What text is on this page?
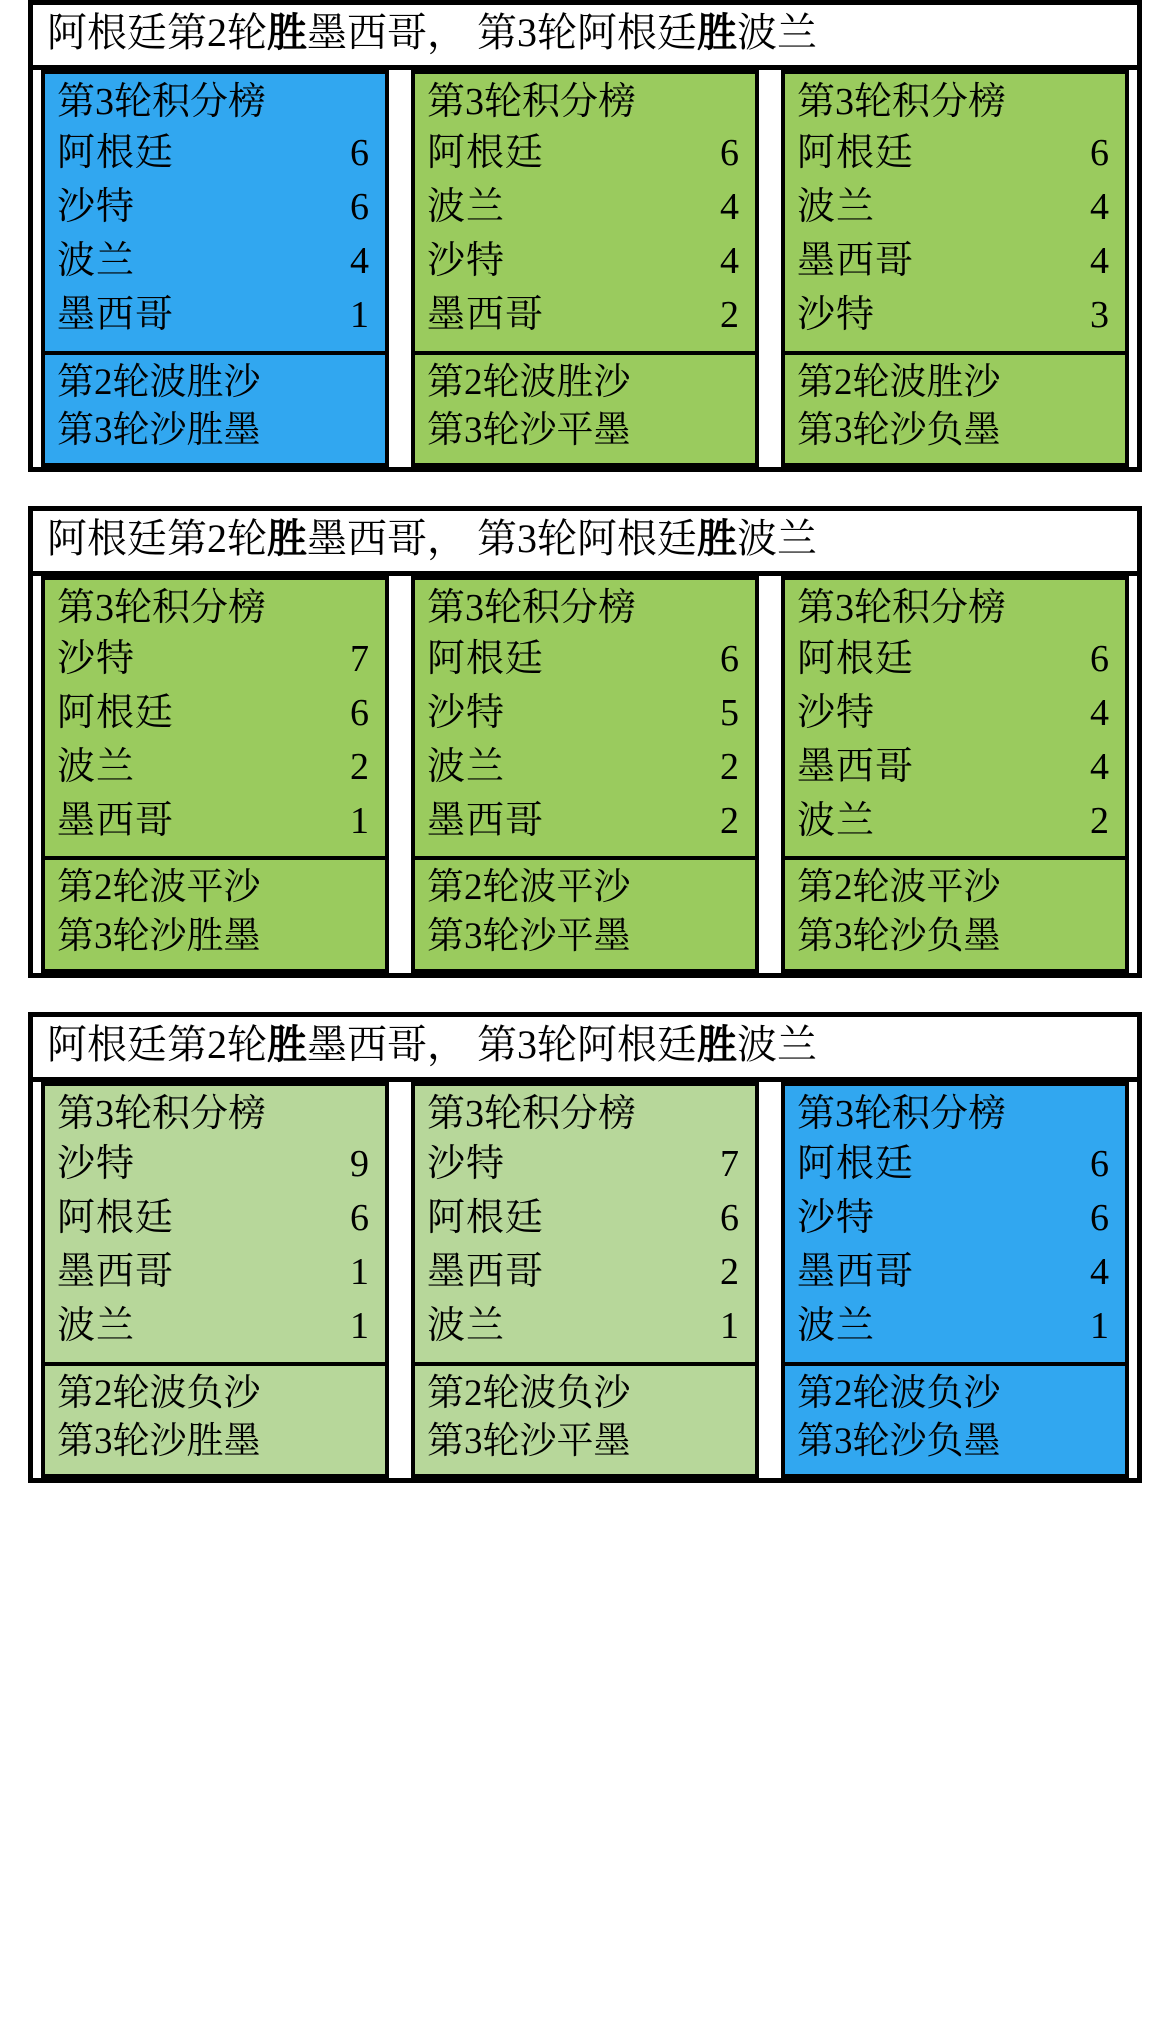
阿根廷第2轮胜墨西哥， 第3轮阿根廷胜波兰
第3轮积分榜
阿根廷	6
沙特	6
波兰	4
墨西哥	1
第2轮波胜沙
第3轮沙胜墨
第3轮积分榜
阿根廷	6
波兰	4
沙特	4
墨西哥	2
第2轮波胜沙
第3轮沙平墨
第3轮积分榜
阿根廷	6
波兰	4
墨西哥	4
沙特	3
第2轮波胜沙
第3轮沙负墨
阿根廷第2轮胜墨西哥， 第3轮阿根廷胜波兰
第3轮积分榜
沙特	7
阿根廷	6
波兰	2
墨西哥	1
第2轮波平沙
第3轮沙胜墨
第3轮积分榜
阿根廷	6
沙特	5
波兰	2
墨西哥	2
第2轮波平沙
第3轮沙平墨
第3轮积分榜
阿根廷	6
沙特	4
墨西哥	4
波兰	2
第2轮波平沙
第3轮沙负墨
阿根廷第2轮胜墨西哥， 第3轮阿根廷胜波兰
第3轮积分榜
沙特	9
阿根廷	6
墨西哥	1
波兰	1
第2轮波负沙
第3轮沙胜墨
第3轮积分榜
沙特	7
阿根廷	6
墨西哥	2
波兰	1
第2轮波负沙
第3轮沙平墨
第3轮积分榜
阿根廷	6
沙特	6
墨西哥	4
波兰	1
第2轮波负沙
第3轮沙负墨
